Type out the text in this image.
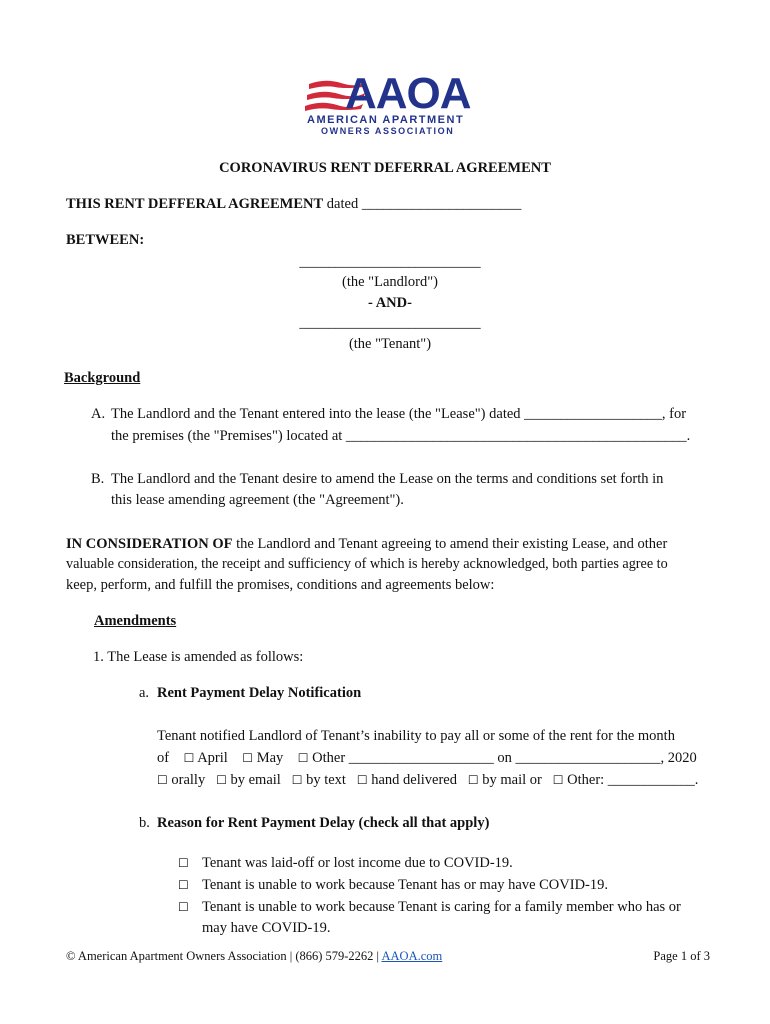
AAOA
AMERICAN APARTMENT
OWNERS ASSOCIATION
CORONAVIRUS RENT DEFERRAL AGREEMENT
THIS RENT DEFFERAL AGREEMENT dated ______________________
BETWEEN:
_________________________
(the "Landlord")
- AND-
_________________________
(the "Tenant")
Background
A. The Landlord and the Tenant entered into the lease (the "Lease") dated ___________________, for
the premises (the "Premises") located at _______________________________________________.
B. The Landlord and the Tenant desire to amend the Lease on the terms and conditions set forth in
this lease amending agreement (the "Agreement").
IN CONSIDERATION OF the Landlord and Tenant agreeing to amend their existing Lease, and other
valuable consideration, the receipt and sufficiency of which is hereby acknowledged, both parties agree to
keep, perform, and fulfill the promises, conditions and agreements below:
Amendments
1. The Lease is amended as follows:
a. Rent Payment Delay Notification
Tenant notified Landlord of Tenant’s inability to pay all or some of the rent for the month
of ☐ April ☐ May ☐ Other ____________________ on ____________________, 2020
☐ orally ☐ by email ☐ by text ☐ hand delivered ☐ by mail or ☐ Other: ____________.
b. Reason for Rent Payment Delay (check all that apply)
☐ Tenant was laid-off or lost income due to COVID-19.
☐ Tenant is unable to work because Tenant has or may have COVID-19.
☐ Tenant is unable to work because Tenant is caring for a family member who has or
may have COVID-19.
© American Apartment Owners Association | (866) 579-2262 | AAOA.com	Page 1 of 3
